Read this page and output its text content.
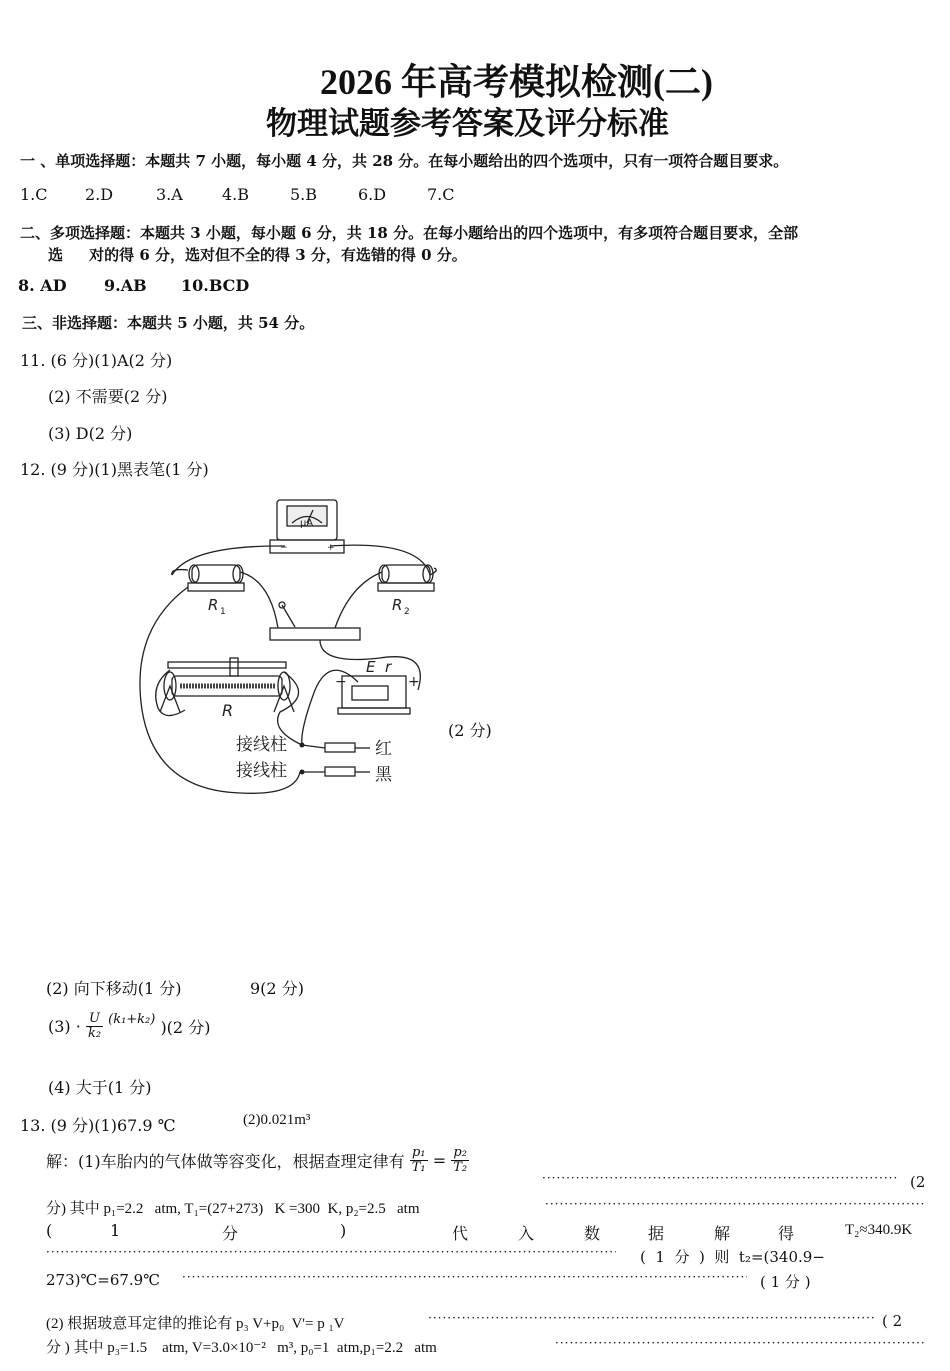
2026 年高考模拟检测(二)
物理试题参考答案及评分标准
一 、单项选择题：本题共 7 小题，每小题 4 分，共 28 分。在每小题给出的四个选项中，只有一项符合题目要求。
1.C 2.D	3.A 4.B	5.B	6.D	7.C
二、多项选择题：本题共 3 小题，每小题 6 分，共 18 分。在每小题给出的四个选项中，有多项符合题目要求，全部
选     对的得 6 分，选对但不全的得 3 分，有选错的得 0 分。
8. AD 9.AB 10.BCD
三、非选择题：本题共 5 小题，共 54 分。
11. (6 分)(1)A(2 分)
(2) 不需要(2 分)
(3) D(2 分)
12. (9 分)(1)黑表笔(1 分)
μA
−	+
R 1	R 2
R
E  r
−	+
接线柱
接线柱
红
黑
(2 分)
(2) 向下移动(1 分)	9(2 分)
$(3) \cdot \frac{U}{\text{k₂}} ^{(k_1+k_2)}$ )(2 分)
(4) 大于(1 分)
13. (9 分)(1)67.9 ℃	(2)0.021m³
解：(1)车胎内的气体做等容变化，根据查理定律有 $\frac{\text{p₁}}{\text{T₁}} = \frac{\text{p₂}}{\text{T₂}}$
·····
(2
分) 其中 p₁=2.2   atm, T₁=(27+273)   K =300  K, p₂=2.5   atm
·····
(	1	分	)	代	入	数	据	解	得	T₂≈340.9K
·····
(  1  分  )  则  t₂=(340.9−
273)℃=67.9℃ ·····	( 1 分 )
(2) 根据玻意耳定律的推论有 p₃ V+p₀  V'= p ₁V ·····	( 2
分 ) 其中 p₃=1.5    atm, V=3.0×10⁻²   m³, p₀=1  atm,p₁=2.2   atm
·····
